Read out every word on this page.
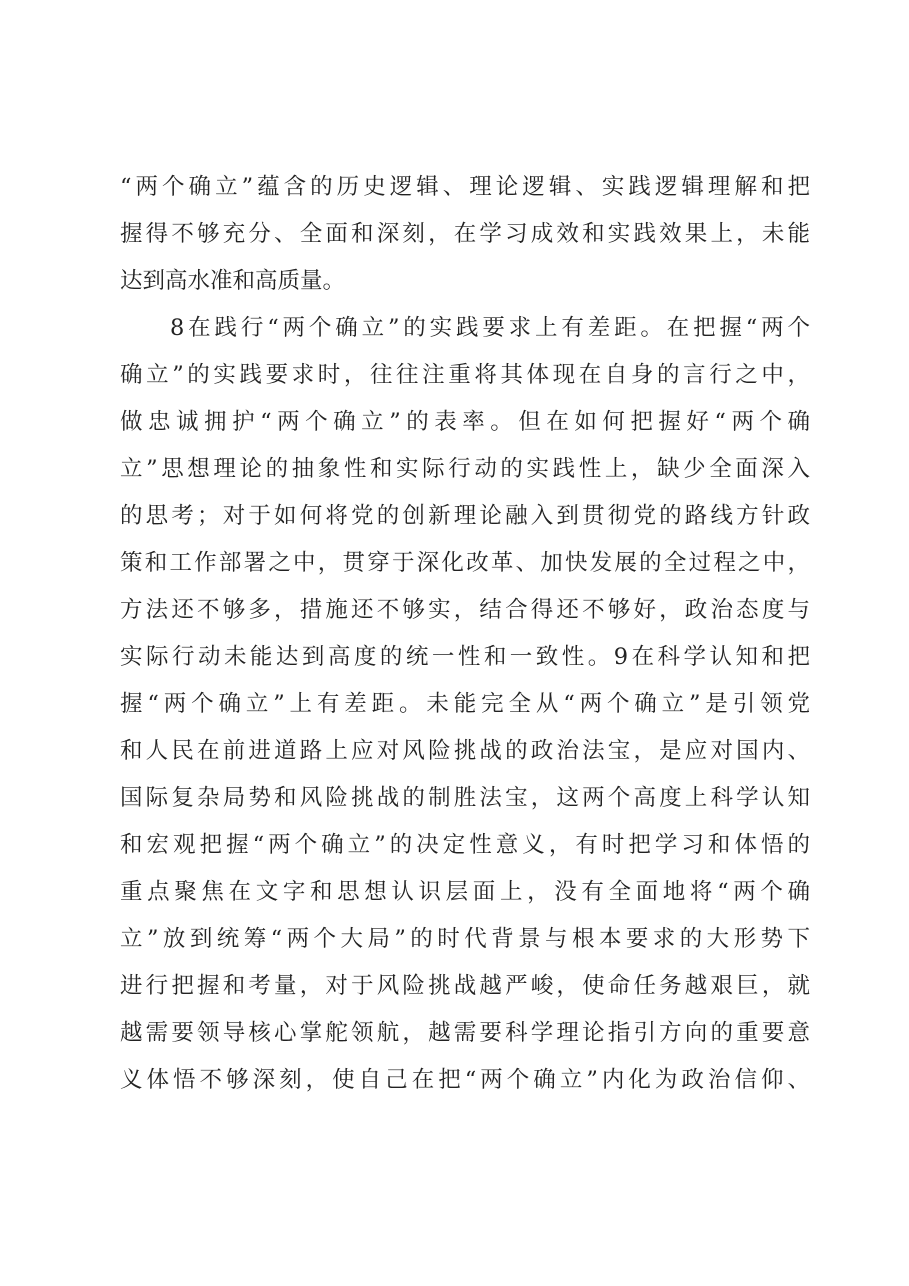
“两个确立”蕴含的历史逻辑、理论逻辑、实践逻辑理解和把
握得不够充分、全面和深刻，在学习成效和实践效果上，未能
达到高水准和高质量。
8在践行“两个确立”的实践要求上有差距。在把握“两个
确立”的实践要求时，往往注重将其体现在自身的言行之中，
做忠诚拥护“两个确立”的表率。但在如何把握好“两个确
立”思想理论的抽象性和实际行动的实践性上，缺少全面深入
的思考；对于如何将党的创新理论融入到贯彻党的路线方针政
策和工作部署之中，贯穿于深化改革、加快发展的全过程之中，
方法还不够多，措施还不够实，结合得还不够好，政治态度与
实际行动未能达到高度的统一性和一致性。9在科学认知和把
握“两个确立”上有差距。未能完全从“两个确立”是引领党
和人民在前进道路上应对风险挑战的政治法宝，是应对国内、
国际复杂局势和风险挑战的制胜法宝，这两个高度上科学认知
和宏观把握“两个确立”的决定性意义，有时把学习和体悟的
重点聚焦在文字和思想认识层面上，没有全面地将“两个确
立”放到统筹“两个大局”的时代背景与根本要求的大形势下
进行把握和考量，对于风险挑战越严峻，使命任务越艰巨，就
越需要领导核心掌舵领航，越需要科学理论指引方向的重要意
义体悟不够深刻，使自己在把“两个确立”内化为政治信仰、
